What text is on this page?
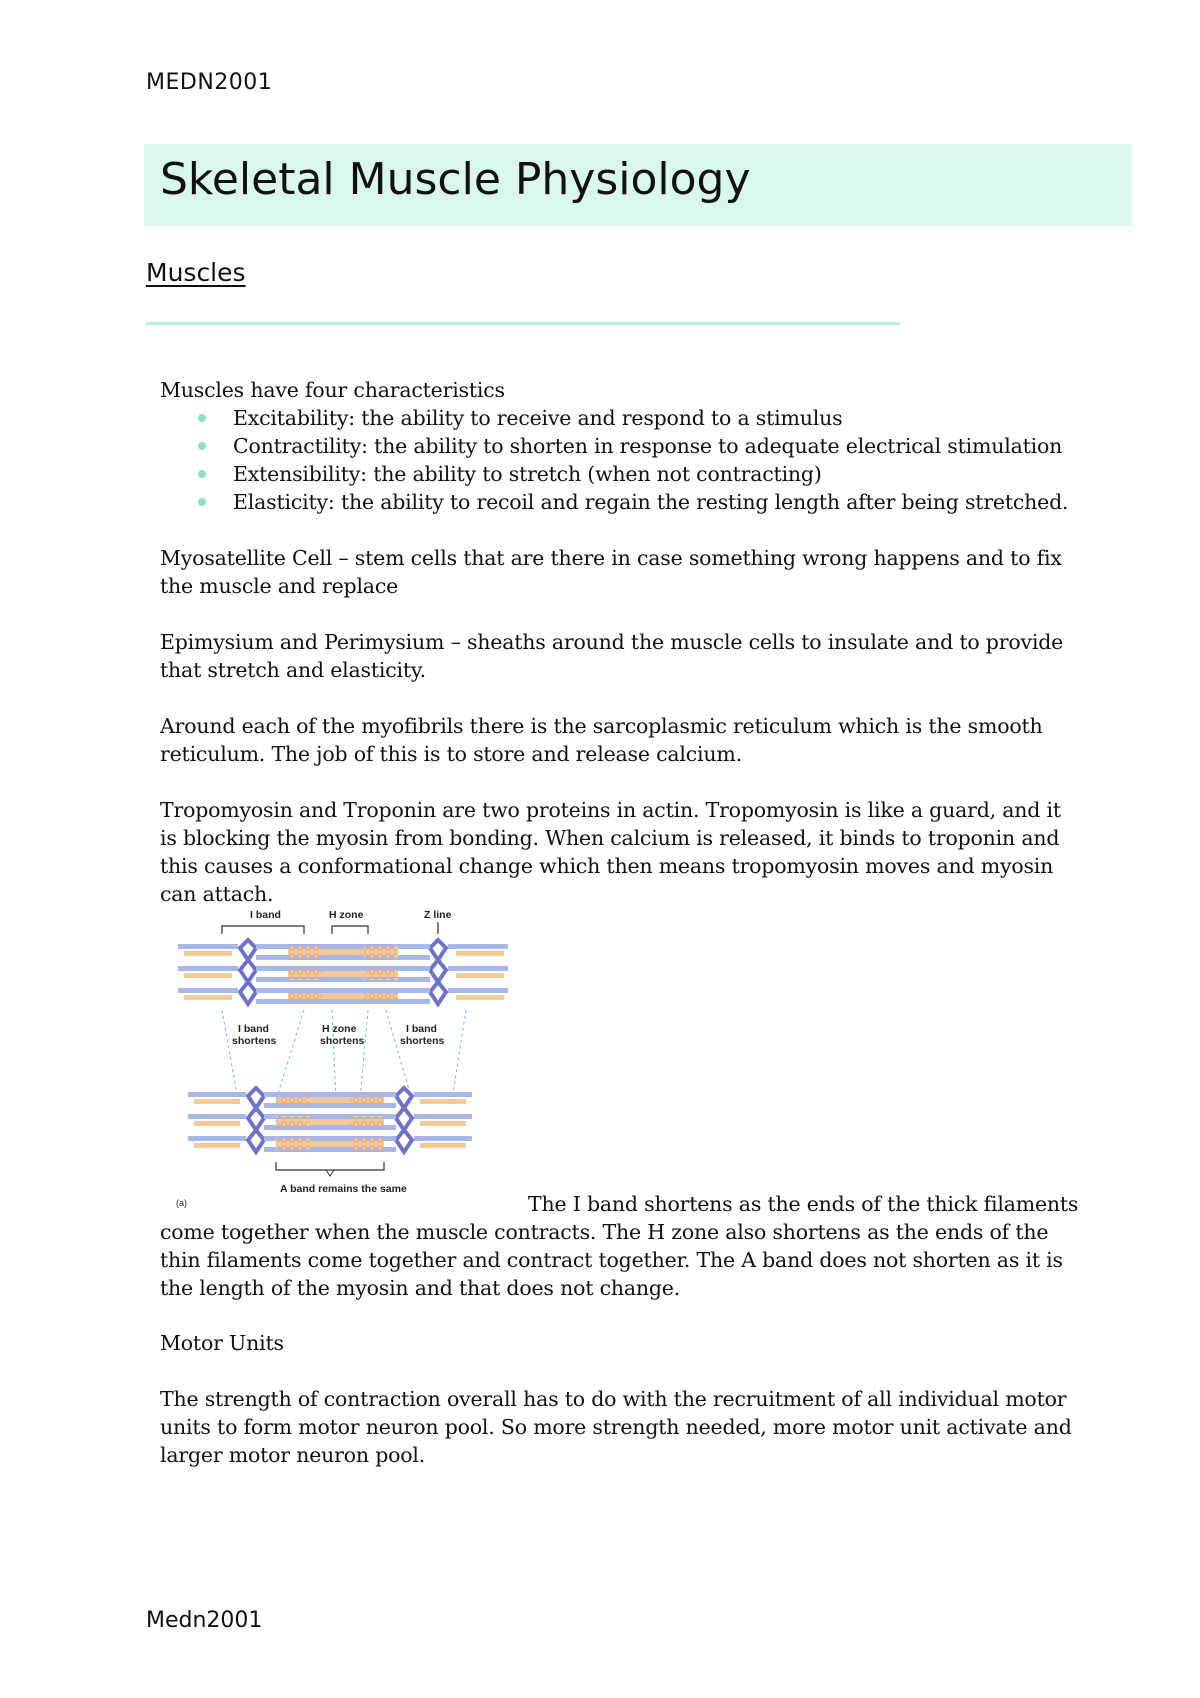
MEDN2001
Skeletal Muscle Physiology
Muscles
Muscles have four characteristics
Excitability: the ability to receive and respond to a stimulus
Contractility: the ability to shorten in response to adequate electrical stimulation
Extensibility: the ability to stretch (when not contracting)
Elasticity: the ability to recoil and regain the resting length after being stretched.
Myosatellite Cell – stem cells that are there in case something wrong happens and to fix the muscle and replace
Epimysium and Perimysium – sheaths around the muscle cells to insulate and to provide that stretch and elasticity.
Around each of the myofibrils there is the sarcoplasmic reticulum which is the smooth reticulum. The job of this is to store and release calcium.
Tropomyosin and Troponin are two proteins in actin. Tropomyosin is like a guard, and it is blocking the myosin from bonding. When calcium is released, it binds to troponin and this causes a conformational change which then means tropomyosin moves and myosin can attach.
I band	H zone	Z line
I band
shortens
H zone
shortens
I band
shortens
A band remains the same
(a)	The I band shortens as the ends of the thick filaments come together when the muscle contracts. The H zone also shortens as the ends of the thin filaments come together and contract together. The A band does not shorten as it is the length of the myosin and that does not change.
Motor Units
The strength of contraction overall has to do with the recruitment of all individual motor units to form motor neuron pool. So more strength needed, more motor unit activate and larger motor neuron pool.
Medn2001
